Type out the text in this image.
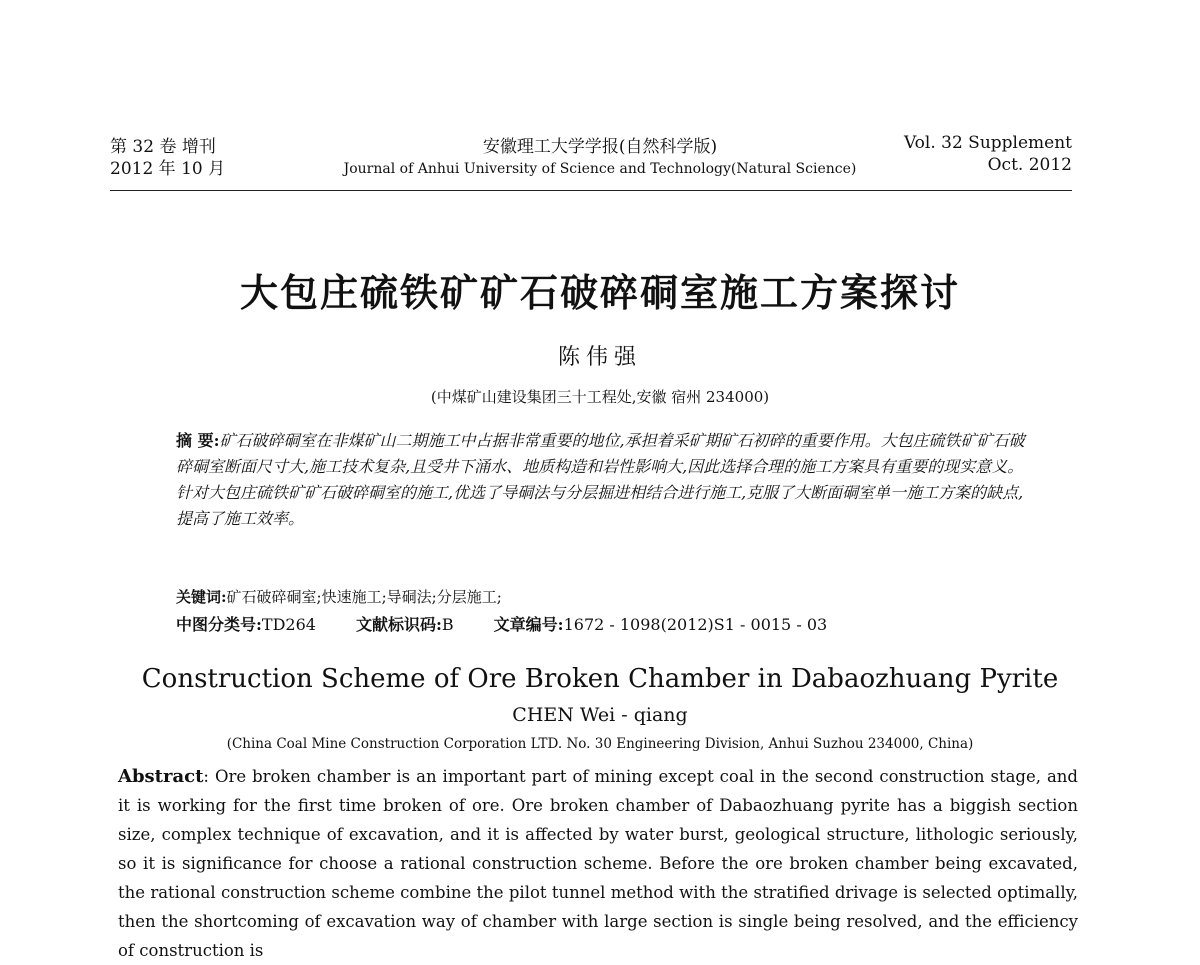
第 32 卷 增刊
2012 年 10 月
安徽理工大学学报(自然科学版)
Journal of Anhui University of Science and Technology(Natural Science)
Vol. 32 Supplement
Oct. 2012
大包庄硫铁矿矿石破碎硐室施工方案探讨
陈伟强
(中煤矿山建设集团三十工程处,安徽 宿州 234000)
摘 要:矿石破碎硐室在非煤矿山二期施工中占据非常重要的地位,承担着采矿期矿石初碎的重要作用。大包庄硫铁矿矿石破碎硐室断面尺寸大,施工技术复杂,且受井下涌水、地质构造和岩性影响大,因此选择合理的施工方案具有重要的现实意义。针对大包庄硫铁矿矿石破碎硐室的施工,优选了导硐法与分层掘进相结合进行施工,克服了大断面硐室单一施工方案的缺点,提高了施工效率。
关键词:矿石破碎硐室;快速施工;导硐法;分层施工;
中图分类号:TD264	文献标识码:B	文章编号:1672 - 1098(2012)S1 - 0015 - 03
Construction Scheme of Ore Broken Chamber in Dabaozhuang Pyrite
CHEN Wei - qiang
(China Coal Mine Construction Corporation LTD. No. 30 Engineering Division, Anhui Suzhou 234000, China)
Abstract: Ore broken chamber is an important part of mining except coal in the second construction stage, and it is working for the first time broken of ore. Ore broken chamber of Dabaozhuang pyrite has a biggish section size, complex technique of excavation, and it is affected by water burst, geological structure, lithologic seriously, so it is significance for choose a rational construction scheme. Before the ore broken chamber being excavated, the rational construction scheme combine the pilot tunnel method with the stratified drivage is selected optimally, then the shortcoming of excavation way of chamber with large section is single being resolved, and the efficiency of construction is
